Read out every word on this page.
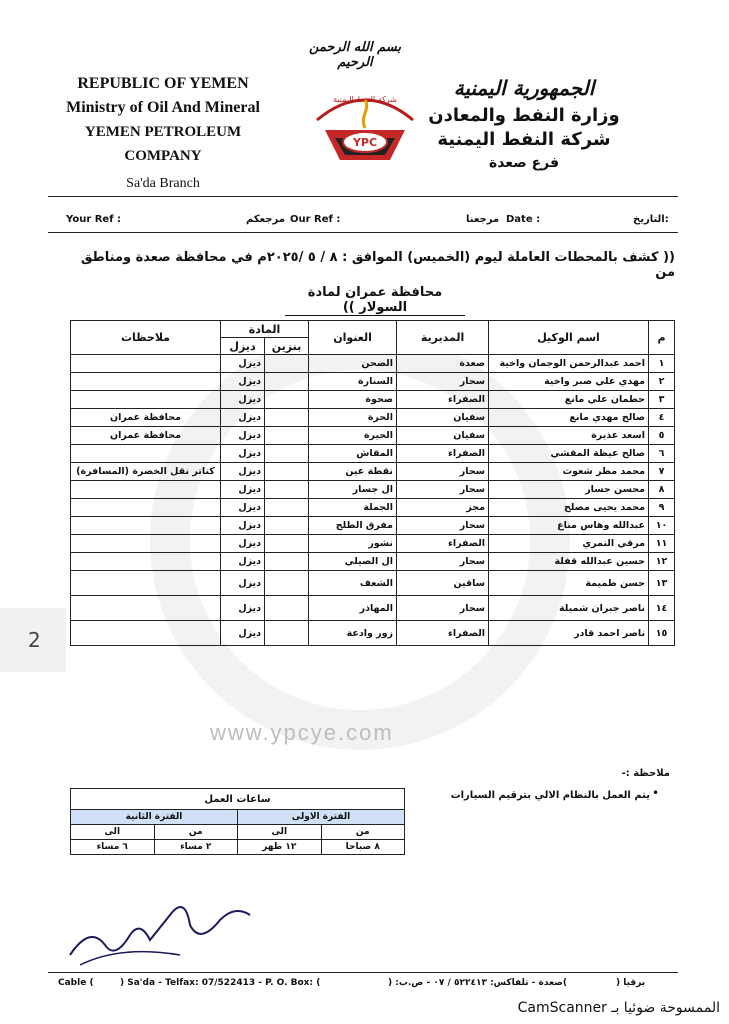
بسم الله الرحمن الرحيم
REPUBLIC OF YEMEN
Ministry of Oil And Mineral
YEMEN PETROLEUM COMPANY
Sa'da Branch
شركة النفط اليمنية
YPC
الجمهورية اليمنية
وزارة النفط والمعادن
شركة النفط اليمنية
فرع صعدة
Your Ref :	مرجعكم Our Ref :	مرجعنا Date :	التاريخ:
(( كشف بالمحطات العاملة ليوم (الخميس) الموافق : ٨ / ٥ /٢٠٢٥م في محافظة صعدة ومناطق من
محافظة عمران لمادة السولار ))
م	اسم الوكيل	المديرية	العنوان	المادة		ملاحظات
				بنزين	ديزل	
١	احمد عبدالرحمن الوجمان واخية	صعدة	الصحن		ديزل	
٢	مهدي علي صبر واخية	سحار	السنارة		ديزل	
٣	حطمان علي مانع	الصفراء	صحوة		ديزل	
٤	صالح مهدي مانع	سفيان	الحرة		ديزل	محافظة عمران
٥	اسعد عذيرة	سفيان	الحيرة		ديزل	محافظة عمران
٦	صالح عيظة المقشي	الصفراء	المقاش		ديزل	
٧	محمد مطر شعوث	سحار	نقطة عين		ديزل	كناتر نقل الخضرة (المسافرة)
٨	محسن جسار	سحار	ال جسار		ديزل	
٩	محمد يحيى مصلح	مجز	الجملة		ديزل	
١٠	عبدالله وهاس مناع	سحار	مفرق الطلح		ديزل	
١١	مرقي النمري	الصفراء	نشور		ديزل	
١٢	حسين عبدالله قفلة	سحار	ال الصيلي		ديزل	
١٣	حسن طميمة	ساقين	الشعف		ديزل	
١٤	ناصر جبران شميلة	سحار	المهاذر		ديزل	
١٥	ناصر احمد قادر	الصفراء	زور وادعة		ديزل	
www.ypcye.com
ملاحظة :-
•
يتم العمل بالنظام الالي بترقيم السيارات
ساعات العمل			
الفترة الاولى		الفترة الثانية	
من	الى	من	الى
٨ صباحا	١٢ ظهر	٢ مساء	٦ مساء
2
Cable (	) Sa'da - Telfax: 07/522413 - P. O. Box: (	)صعدة - تلفاكس: ٥٢٢٤١٣ / ٠٧ - ص.ب: (	برقيا (
الممسوحة ضوئيا بـ CamScanner
